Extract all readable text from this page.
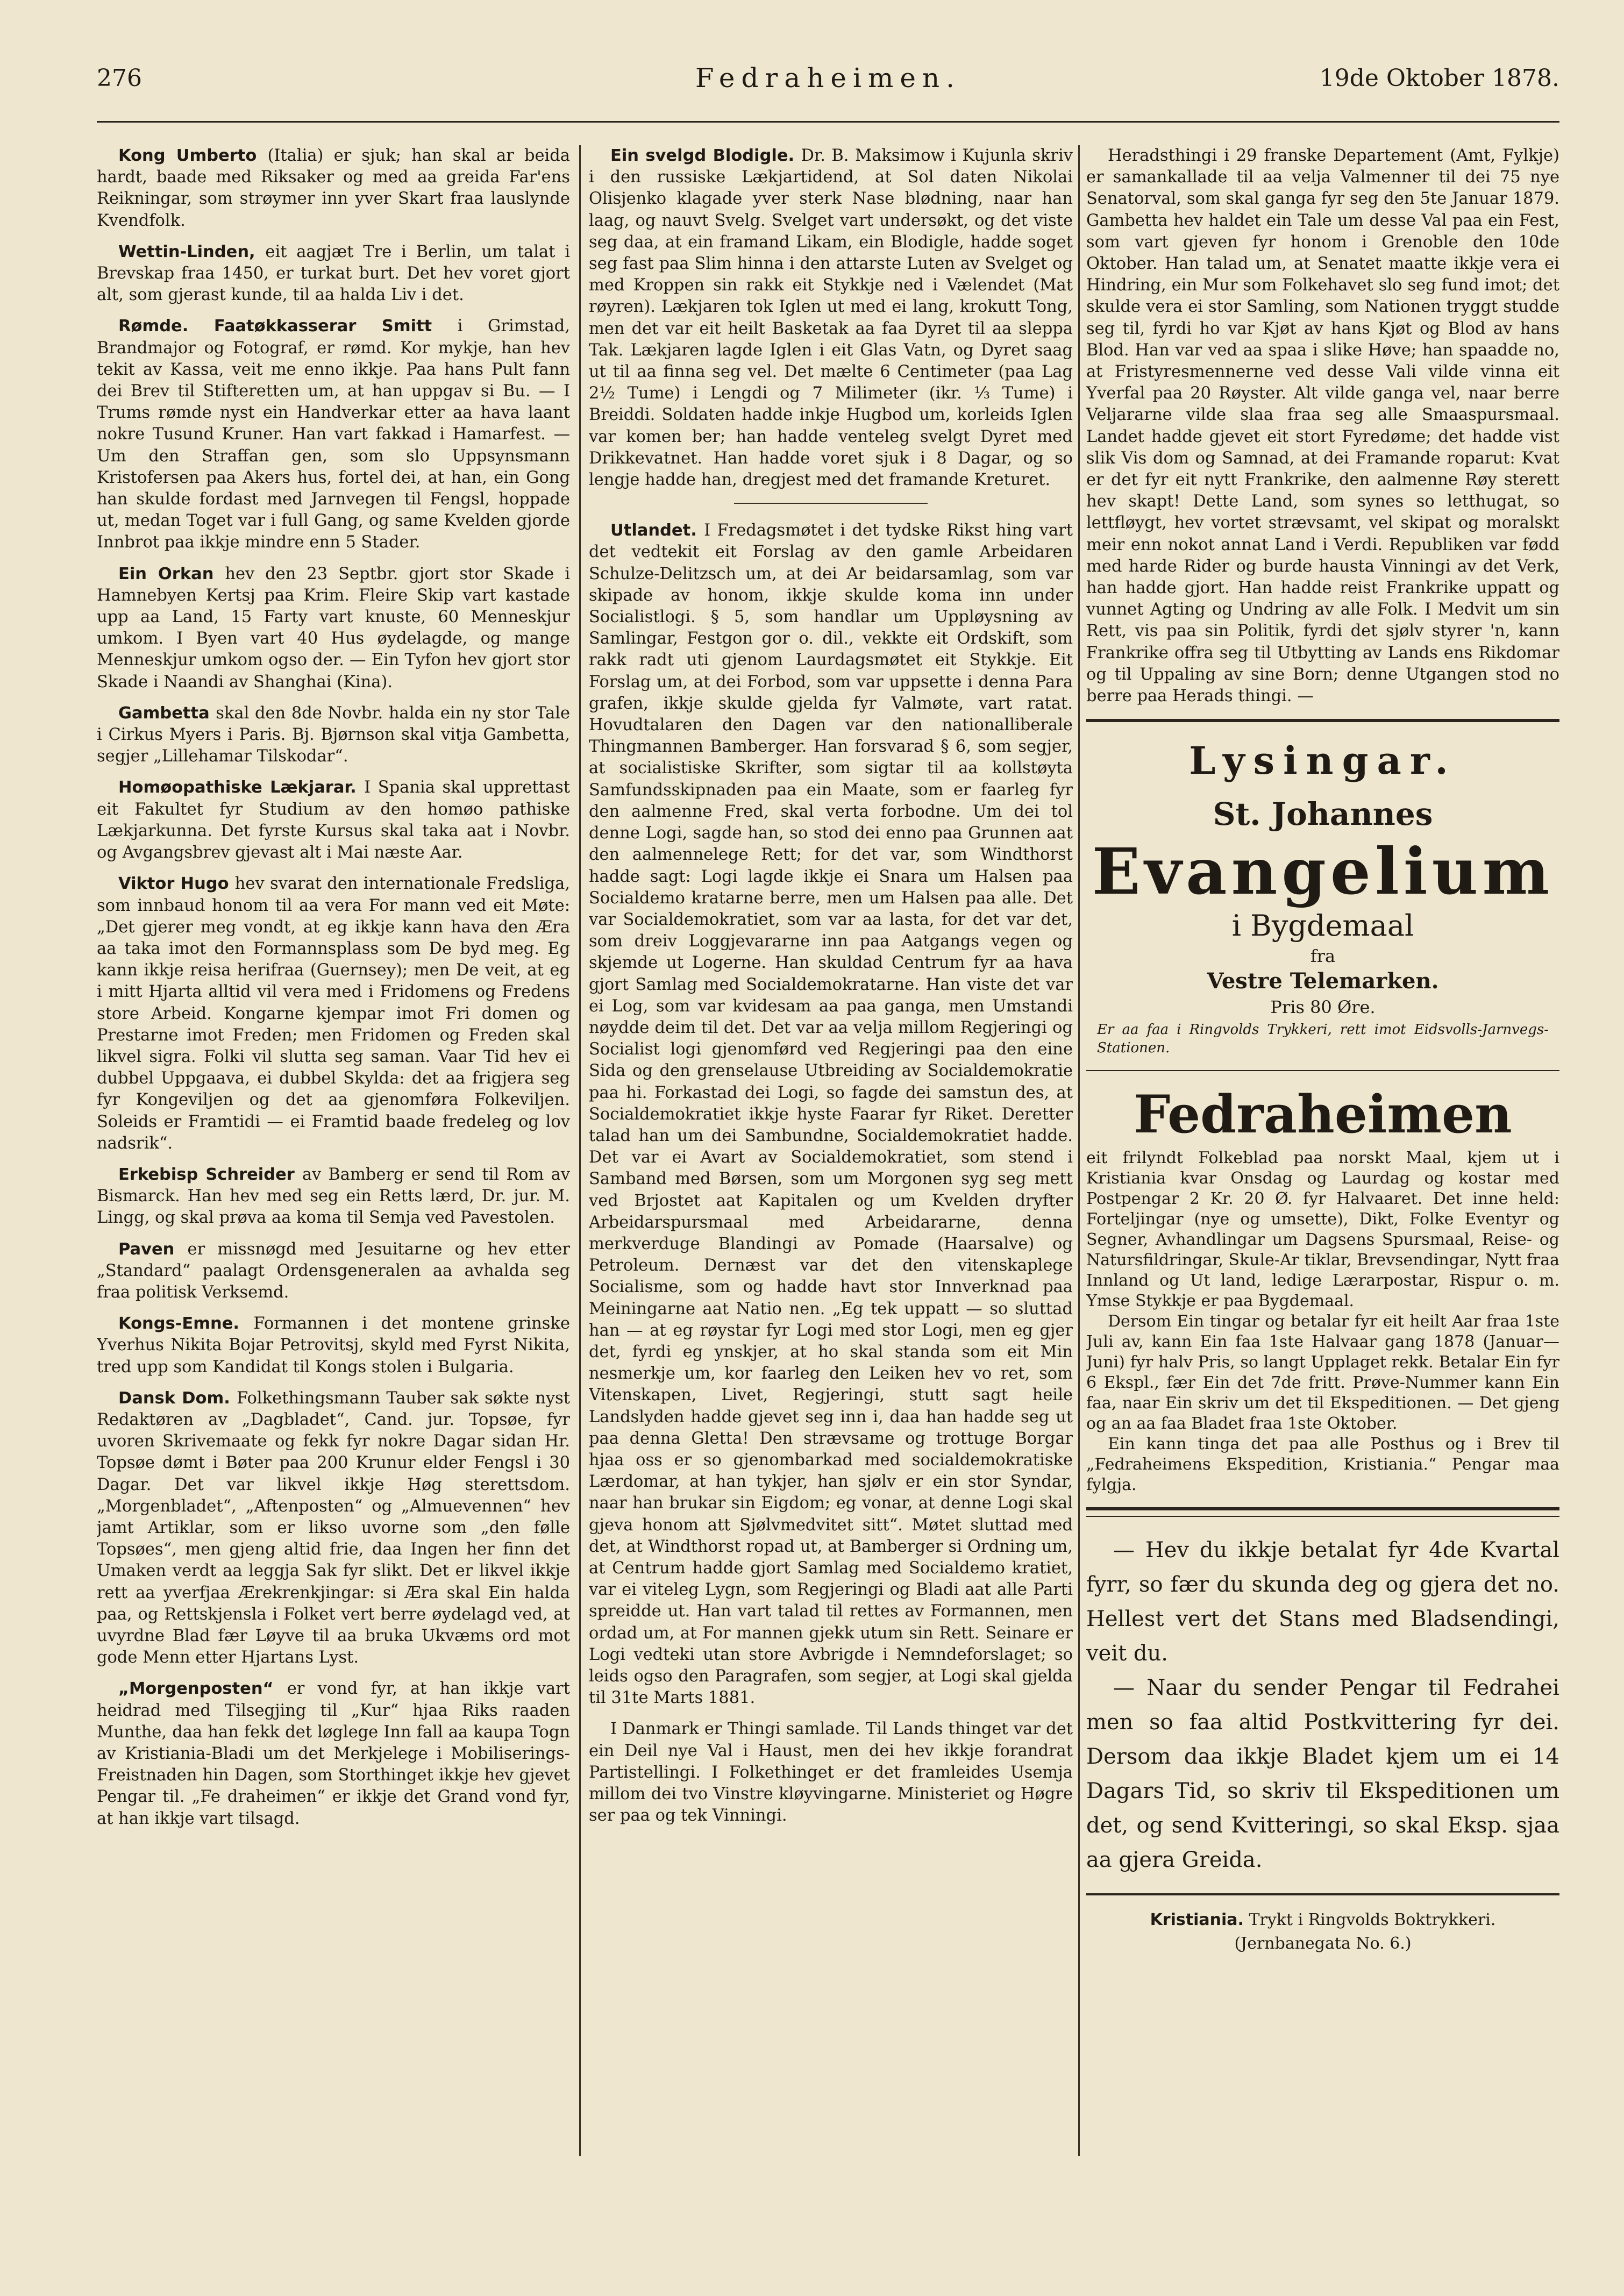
276	Fedraheimen.	19de Oktober 1878.

Kong Umberto (Italia) er sjuk; han skal ar beida hardt, baade med Riksaker og med aa greida Far'ens Reikningar, som strøymer inn yver Skart fraa lauslynde Kvendfolk.

Wettin-Linden, eit aagjæt Tre i Berlin, um talat i Brevskap fraa 1450, er turkat burt. Det hev voret gjort alt, som gjerast kunde, til aa halda Liv i det.

Rømde. Faatøkkasserar Smitt i Grimstad, Brandmajor og Fotograf, er rømd. Kor mykje, han hev tekit av Kassa, veit me enno ikkje. Paa hans Pult fann dei Brev til Stifteretten um, at han uppgav si Bu. — I Trums rømde nyst ein Handverkar etter aa hava laant nokre Tusund Kruner. Han vart fakkad i Hamarfest. — Um den Straffan gen, som slo Uppsynsmann Kristofersen paa Akers hus, fortel dei, at han, ein Gong han skulde fordast med Jarnvegen til Fengsl, hoppade ut, medan Toget var i full Gang, og same Kvelden gjorde Innbrot paa ikkje mindre enn 5 Stader.

Ein Orkan hev den 23 Septbr. gjort stor Skade i Hamnebyen Kertsj paa Krim. Fleire Skip vart kastade upp aa Land, 15 Farty vart knuste, 60 Menneskjur umkom. I Byen vart 40 Hus øydelagde, og mange Menneskjur umkom ogso der. — Ein Tyfon hev gjort stor Skade i Naandi av Shanghai (Kina).

Gambetta skal den 8de Novbr. halda ein ny stor Tale i Cirkus Myers i Paris. Bj. Bjørnson skal vitja Gambetta, segjer „Lillehamar Tilskodar“.

Homøopathiske Lækjarar. I Spania skal upprettast eit Fakultet fyr Studium av den homøo pathiske Lækjarkunna. Det fyrste Kursus skal taka aat i Novbr. og Avgangsbrev gjevast alt i Mai næste Aar.

Viktor Hugo hev svarat den internationale Fredsliga, som innbaud honom til aa vera For mann ved eit Møte: „Det gjerer meg vondt, at eg ikkje kann hava den Æra aa taka imot den Formannsplass som De byd meg. Eg kann ikkje reisa herifraa (Guernsey); men De veit, at eg i mitt Hjarta alltid vil vera med i Fridomens og Fredens store Arbeid. Kongarne kjempar imot Fri domen og Prestarne imot Freden; men Fridomen og Freden skal likvel sigra. Folki vil slutta seg saman. Vaar Tid hev ei dubbel Uppgaava, ei dubbel Skylda: det aa frigjera seg fyr Kongeviljen og det aa gjenomføra Folkeviljen. Soleids er Framtidi — ei Framtid baade fredeleg og lov nadsrik“.

Erkebisp Schreider av Bamberg er send til Rom av Bismarck. Han hev med seg ein Retts lærd, Dr. jur. M. Lingg, og skal prøva aa koma til Semja ved Pavestolen.

Paven er missnøgd med Jesuitarne og hev etter „Standard“ paalagt Ordensgeneralen aa avhalda seg fraa politisk Verksemd.

Kongs-Emne. Formannen i det montene grinske Yverhus Nikita Bojar Petrovitsj, skyld med Fyrst Nikita, tred upp som Kandidat til Kongs stolen i Bulgaria.

Dansk Dom. Folkethingsmann Tauber sak søkte nyst Redaktøren av „Dagbladet“, Cand. jur. Topsøe, fyr uvoren Skrivemaate og fekk fyr nokre Dagar sidan Hr. Topsøe dømt i Bøter paa 200 Krunur elder Fengsl i 30 Dagar. Det var likvel ikkje Høg sterettsdom. „Morgenbladet“, „Aftenposten“ og „Almuevennen“ hev jamt Artiklar, som er likso uvorne som „den følle Topsøes“, men gjeng altid frie, daa Ingen her finn det Umaken verdt aa leggja Sak fyr slikt. Det er likvel ikkje rett aa yverfjaa Ærekrenkjingar: si Æra skal Ein halda paa, og Rettskjensla i Folket vert berre øydelagd ved, at uvyrdne Blad fær Løyve til aa bruka Ukvæms ord mot gode Menn etter Hjartans Lyst.

„Morgenposten“ er vond fyr, at han ikkje vart heidrad med Tilsegjing til „Kur“ hjaa Riks raaden Munthe, daa han fekk det løglege Inn fall aa kaupa Togn av Kristiania-Bladi um det Merkjelege i Mobiliserings-Freistnaden hin Dagen, som Storthinget ikkje hev gjevet Pengar til. „Fe draheimen“ er ikkje det Grand vond fyr, at han ikkje vart tilsagd.

Ein svelgd Blodigle. Dr. B. Maksimow i Kujunla skriv i den russiske Lækjartidend, at Sol daten Nikolai Olisjenko klagade yver sterk Nase blødning, naar han laag, og nauvt Svelg. Svelget vart undersøkt, og det viste seg daa, at ein framand Likam, ein Blodigle, hadde soget seg fast paa Slim hinna i den attarste Luten av Svelget og med Kroppen sin rakk eit Stykkje ned i Vælendet (Mat røyren). Lækjaren tok Iglen ut med ei lang, krokutt Tong, men det var eit heilt Basketak aa faa Dyret til aa sleppa Tak. Lækjaren lagde Iglen i eit Glas Vatn, og Dyret saag ut til aa finna seg vel. Det mælte 6 Centimeter (paa Lag 2½ Tume) i Lengdi og 7 Milimeter (ikr. ⅓ Tume) i Breiddi. Soldaten hadde inkje Hugbod um, korleids Iglen var komen ber; han hadde venteleg svelgt Dyret med Drikkevatnet. Han hadde voret sjuk i 8 Dagar, og so lengje hadde han, dregjest med det framande Kreturet.

Utlandet. I Fredagsmøtet i det tydske Rikst hing vart det vedtekit eit Forslag av den gamle Arbeidaren Schulze-Delitzsch um, at dei Ar beidarsamlag, som var skipade av honom, ikkje skulde koma inn under Socialistlogi. § 5, som handlar um Uppløysning av Samlingar, Festgon gor o. dil., vekkte eit Ordskift, som rakk radt uti gjenom Laurdagsmøtet eit Stykkje. Eit Forslag um, at dei Forbod, som var uppsette i denna Para grafen, ikkje skulde gjelda fyr Valmøte, vart ratat. Hovudtalaren den Dagen var den nationalliberale Thingmannen Bamberger. Han forsvarad § 6, som segjer, at socialistiske Skrifter, som sigtar til aa kollstøyta Samfundsskipnaden paa ein Maate, som er faarleg fyr den aalmenne Fred, skal verta forbodne. Um dei tol denne Logi, sagde han, so stod dei enno paa Grunnen aat den aalmennelege Rett; for det var, som Windthorst hadde sagt: Logi lagde ikkje ei Snara um Halsen paa Socialdemo kratarne berre, men um Halsen paa alle. Det var Socialdemokratiet, som var aa lasta, for det var det, som dreiv Loggjevararne inn paa Aatgangs vegen og skjemde ut Logerne. Han skuldad Centrum fyr aa hava gjort Samlag med Socialdemokratarne. Han viste det var ei Log, som var kvidesam aa paa ganga, men Umstandi nøydde deim til det. Det var aa velja millom Regjeringi og Socialist logi gjenomførd ved Regjeringi paa den eine Sida og den grenselause Utbreiding av Socialdemokratie paa hi. Forkastad dei Logi, so fagde dei samstun des, at Socialdemokratiet ikkje hyste Faarar fyr Riket. Deretter talad han um dei Sambundne, Socialdemokratiet hadde. Det var ei Avart av Socialdemokratiet, som stend i Samband med Børsen, som um Morgonen syg seg mett ved Brjostet aat Kapitalen og um Kvelden dryfter Arbeidarspursmaal med Arbeidararne, denna merkverduge Blandingi av Pomade (Haarsalve) og Petroleum. Dernæst var det den vitenskaplege Socialisme, som og hadde havt stor Innverknad paa Meiningarne aat Natio nen. „Eg tek uppatt — so sluttad han — at eg røystar fyr Logi med stor Logi, men eg gjer det, fyrdi eg ynskjer, at ho skal standa som eit Min nesmerkje um, kor faarleg den Leiken hev vo ret, som Vitenskapen, Livet, Regjeringi, stutt sagt heile Landslyden hadde gjevet seg inn i, daa han hadde seg ut paa denna Gletta! Den strævsame og trottuge Borgar hjaa oss er so gjenombarkad med socialdemokratiske Lærdomar, at han tykjer, han sjølv er ein stor Syndar, naar han brukar sin Eigdom; eg vonar, at denne Logi skal gjeva honom att Sjølvmedvitet sitt“. Møtet sluttad med det, at Windthorst ropad ut, at Bamberger si Ordning um, at Centrum hadde gjort Samlag med Socialdemo kratiet, var ei viteleg Lygn, som Regjeringi og Bladi aat alle Parti spreidde ut. Han vart talad til rettes av Formannen, men ordad um, at For mannen gjekk utum sin Rett. Seinare er Logi vedteki utan store Avbrigde i Nemndeforslaget; so leids ogso den Paragrafen, som segjer, at Logi skal gjelda til 31te Marts 1881.

I Danmark er Thingi samlade. Til Lands thinget var det ein Deil nye Val i Haust, men dei hev ikkje forandrat Partistellingi. I Folkethinget er det framleides Usemja millom dei tvo Vinstre kløyvingarne. Ministeriet og Høgre ser paa og tek Vinningi.

Heradsthingi i 29 franske Departement (Amt, Fylkje) er samankallade til aa velja Valmenner til dei 75 nye Senatorval, som skal ganga fyr seg den 5te Januar 1879. Gambetta hev haldet ein Tale um desse Val paa ein Fest, som vart gjeven fyr honom i Grenoble den 10de Oktober. Han talad um, at Senatet maatte ikkje vera ei Hindring, ein Mur som Folkehavet slo seg fund imot; det skulde vera ei stor Samling, som Nationen tryggt studde seg til, fyrdi ho var Kjøt av hans Kjøt og Blod av hans Blod. Han var ved aa spaa i slike Høve; han spaadde no, at Fristyresmennerne ved desse Vali vilde vinna eit Yverfal paa 20 Røyster. Alt vilde ganga vel, naar berre Veljararne vilde slaa fraa seg alle Smaaspursmaal. Landet hadde gjevet eit stort Fyredøme; det hadde vist slik Vis dom og Samnad, at dei Framande roparut: Kvat er det fyr eit nytt Frankrike, den aalmenne Røy sterett hev skapt! Dette Land, som synes so letthugat, so lettfløygt, hev vortet strævsamt, vel skipat og moralskt meir enn nokot annat Land i Verdi. Republiken var fødd med harde Rider og burde hausta Vinningi av det Verk, han hadde gjort. Han hadde reist Frankrike uppatt og vunnet Agting og Undring av alle Folk. I Medvit um sin Rett, vis paa sin Politik, fyrdi det sjølv styrer 'n, kann Frankrike offra seg til Utbytting av Lands ens Rikdomar og til Uppaling av sine Born; denne Utgangen stod no berre paa Herads thingi. —

Lysingar.
St. Johannes
Evangelium
i Bygdemaal
fra
Vestre Telemarken.
Pris 80 Øre.
Er aa faa i Ringvolds Trykkeri, rett imot Eidsvolls-Jarnvegs-Stationen.
Fedraheimen

eit frilyndt Folkeblad paa norskt Maal, kjem ut i Kristiania kvar Onsdag og Laurdag og kostar med Postpengar 2 Kr. 20 Ø. fyr Halvaaret. Det inne held: Forteljingar (nye og umsette), Dikt, Folke Eventyr og Segner, Avhandlingar um Dagsens Spursmaal, Reise- og Natursfildringar, Skule-Ar tiklar, Brevsendingar, Nytt fraa Innland og Ut land, ledige Lærarpostar, Rispur o. m. Ymse Stykkje er paa Bygdemaal.

Dersom Ein tingar og betalar fyr eit heilt Aar fraa 1ste Juli av, kann Ein faa 1ste Halvaar gang 1878 (Januar—Juni) fyr halv Pris, so langt Upplaget rekk. Betalar Ein fyr 6 Ekspl., fær Ein det 7de fritt. Prøve-Nummer kann Ein faa, naar Ein skriv um det til Ekspeditionen. — Det gjeng og an aa faa Bladet fraa 1ste Oktober.

Ein kann tinga det paa alle Posthus og i Brev til „Fedraheimens Ekspedition, Kristiania.“ Pengar maa fylgja.

— Hev du ikkje betalat fyr 4de Kvartal fyrr, so fær du skunda deg og gjera det no. Hellest vert det Stans med Bladsendingi, veit du.

— Naar du sender Pengar til Fedrahei men so faa altid Postkvittering fyr dei. Dersom daa ikkje Bladet kjem um ei 14 Dagars Tid, so skriv til Ekspeditionen um det, og send Kvitteringi, so skal Eksp. sjaa aa gjera Greida.

Kristiania. Trykt i Ringvolds Boktrykkeri.
(Jernbanegata No. 6.)
